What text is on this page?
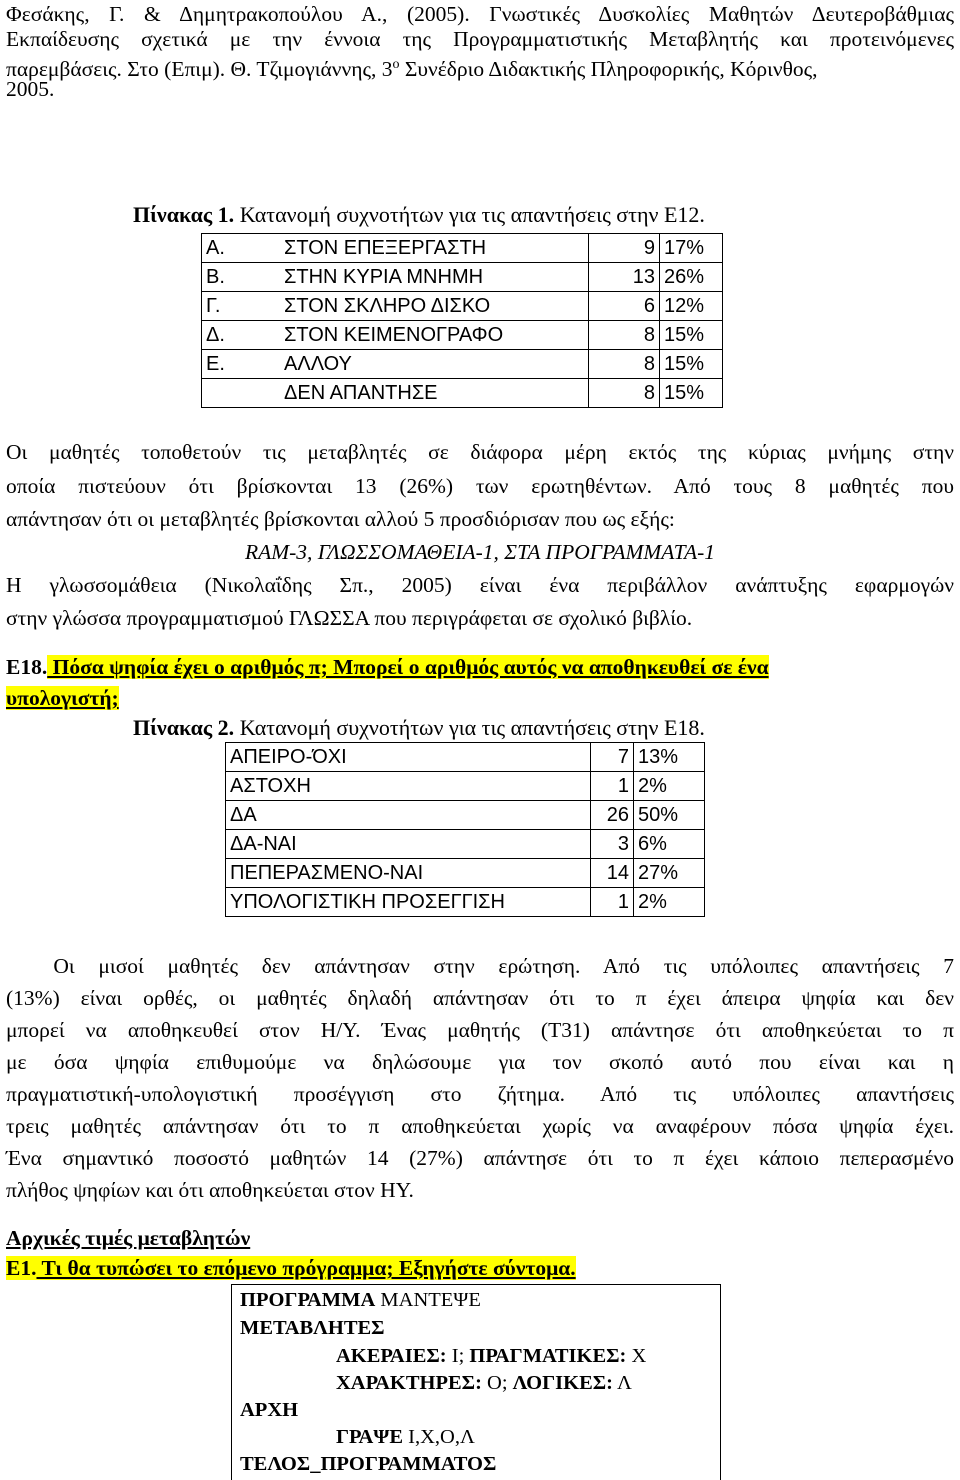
Φεσάκης, Γ. & Δημητρακοπούλου Α., (2005). Γνωστικές Δυσκολίες Μαθητών Δευτεροβάθμιας
Εκπαίδευσης σχετικά με την έννοια της Προγραμματιστικής Μεταβλητής και προτεινόμενες
παρεμβάσεις. Στο (Επιμ). Θ. Τζιμογιάννης, $3^o$ Συνέδριο Διδακτικής Πληροφορικής, Κόρινθος,
2005.
Πίνακας 1. Κατανομή συχνοτήτων για τις απαντήσεις στην Ε12.
Α.	ΣΤΟΝ ΕΠΕΞΕΡΓΑΣΤΗ	9	17%
Β.	ΣΤΗΝ ΚΥΡΙΑ ΜΝΗΜΗ	13	26%
Γ.	ΣΤΟΝ ΣΚΛΗΡΟ ΔΙΣΚΟ	6	12%
Δ.	ΣΤΟΝ ΚΕΙΜΕΝΟΓΡΑΦΟ	8	15%
Ε.	ΑΛΛΟΥ	8	15%
	ΔΕΝ ΑΠΑΝΤΗΣΕ	8	15%
Οι μαθητές τοποθετούν τις μεταβλητές σε διάφορα μέρη εκτός της κύριας μνήμης στην
οποία πιστεύουν ότι βρίσκονται 13 (26%) των ερωτηθέντων. Από τους 8 μαθητές που
απάντησαν ότι οι μεταβλητές βρίσκονται αλλού 5 προσδιόρισαν που ως εξής:
RAM-3, ΓΛΩΣΣΟΜΑΘΕΙΑ-1, ΣΤΑ ΠΡΟΓΡΑΜΜΑΤΑ-1
Η γλωσσομάθεια (Νικολαΐδης Σπ., 2005) είναι ένα περιβάλλον ανάπτυξης εφαρμογών
στην γλώσσα προγραμματισμού ΓΛΩΣΣΑ που περιγράφεται σε σχολικό βιβλίο.
Ε18. Πόσα ψηφία έχει ο αριθμός π; Μπορεί ο αριθμός αυτός να αποθηκευθεί σε ένα
υπολογιστή;
Πίνακας 2. Κατανομή συχνοτήτων για τις απαντήσεις στην Ε18.
ΑΠΕΙΡΟ-ΌΧΙ	7	13%
ΑΣΤΟΧΗ	1	2%
ΔΑ	26	50%
ΔΑ-ΝΑΙ	3	6%
ΠΕΠΕΡΑΣΜΕΝΟ-ΝΑΙ	14	27%
ΥΠΟΛΟΓΙΣΤΙΚΗ ΠΡΟΣΕΓΓΙΣΗ	1	2%
Οι μισοί μαθητές δεν απάντησαν στην ερώτηση. Από τις υπόλοιπες απαντήσεις 7
(13%) είναι ορθές, οι μαθητές δηλαδή απάντησαν ότι το π έχει άπειρα ψηφία και δεν
μπορεί να αποθηκευθεί στον Η/Υ. Ένας μαθητής (Τ31) απάντησε ότι αποθηκεύεται το π
με όσα ψηφία επιθυμούμε να δηλώσουμε για τον σκοπό αυτό που είναι και η
πραγματιστική-υπολογιστική προσέγγιση στο ζήτημα. Από τις υπόλοιπες απαντήσεις
τρεις μαθητές απάντησαν ότι το π αποθηκεύεται χωρίς να αναφέρουν πόσα ψηφία έχει.
Ένα σημαντικό ποσοστό μαθητών 14 (27%) απάντησε ότι το π έχει κάποιο πεπερασμένο
πλήθος ψηφίων και ότι αποθηκεύεται στον ΗΥ.
Αρχικές τιμές μεταβλητών
Ε1. Τι θα τυπώσει το επόμενο πρόγραμμα; Εξηγήστε σύντομα.
ΠΡΟΓΡΑΜΜΑ ΜΑΝΤΕΨΕ
ΜΕΤΑΒΛΗΤΕΣ
ΑΚΕΡΑΙΕΣ: Ι; ΠΡΑΓΜΑΤΙΚΕΣ: Χ
ΧΑΡΑΚΤΗΡΕΣ: Ο; ΛΟΓΙΚΕΣ: Λ
ΑΡΧΗ
ΓΡΑΨΕ Ι,Χ,Ο,Λ
ΤΕΛΟΣ_ΠΡΟΓΡΑΜΜΑΤΟΣ
